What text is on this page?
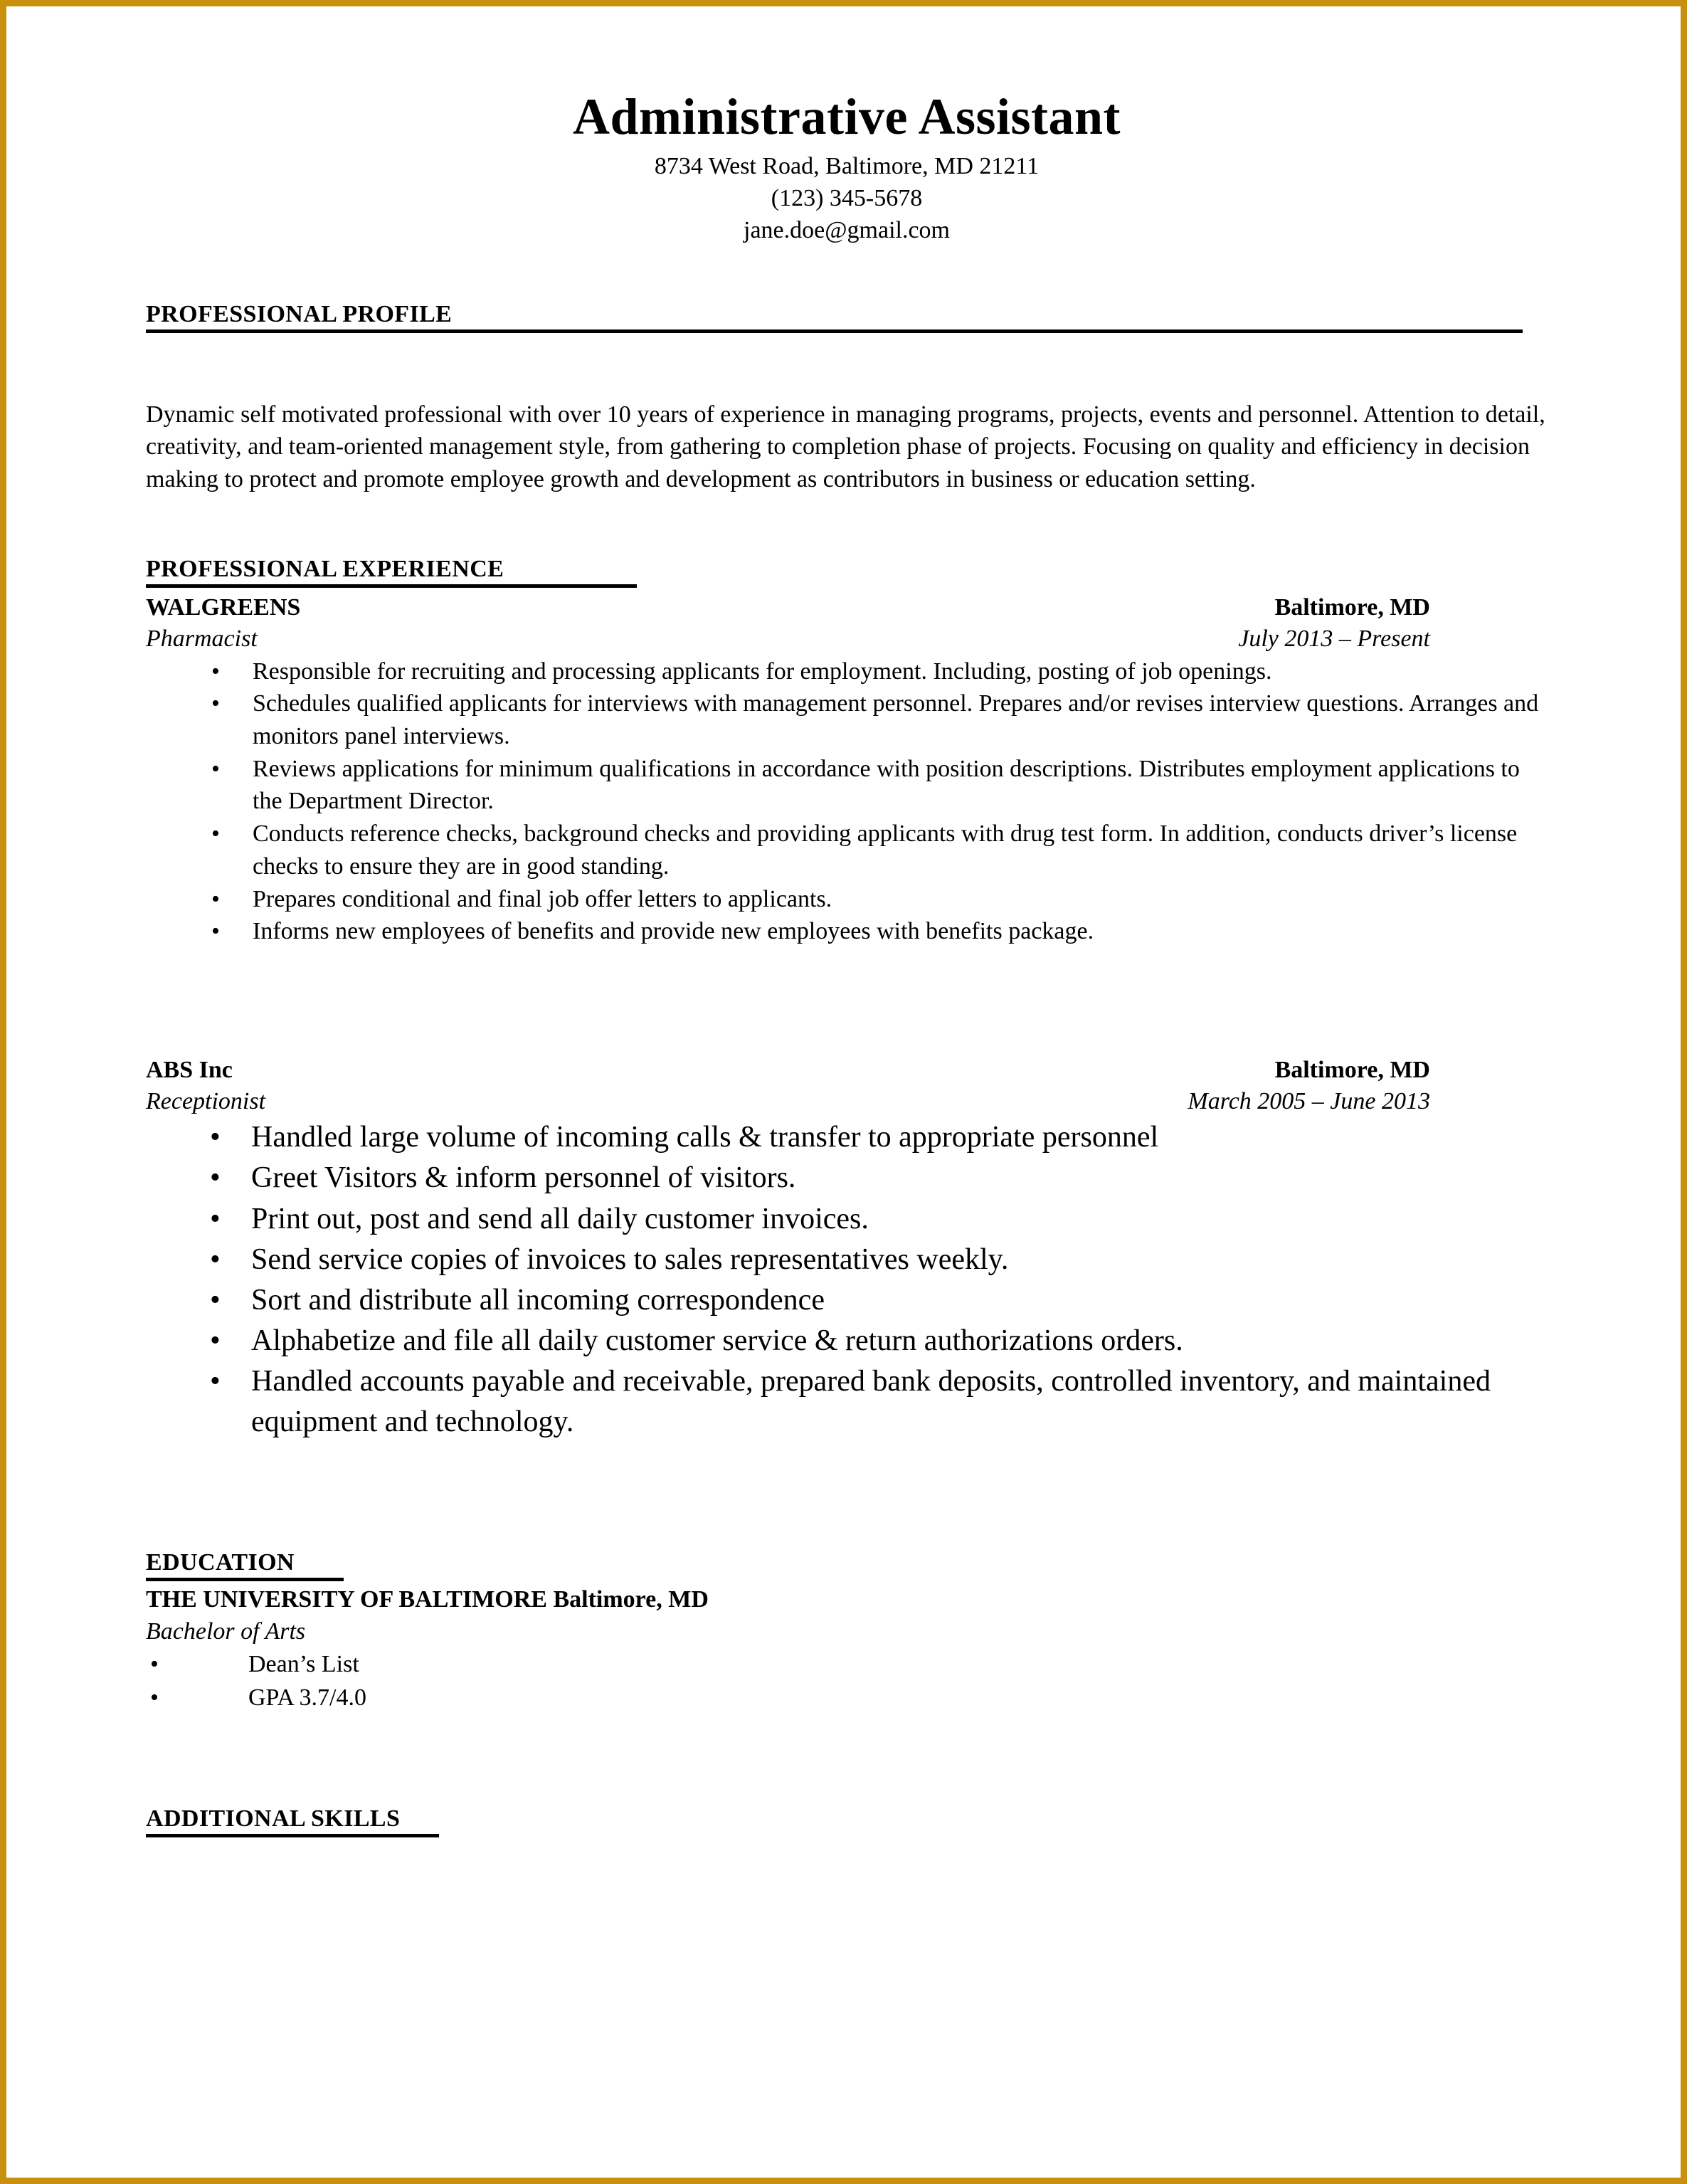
Administrative Assistant
8734 West Road, Baltimore, MD 21211
(123) 345-5678
jane.doe@gmail.com
PROFESSIONAL PROFILE

Dynamic self motivated professional with over 10 years of experience in managing programs, projects, events and personnel. Attention to detail, creativity, and team-oriented management style, from gathering to completion phase of projects. Focusing on quality and efficiency in decision making to protect and promote employee growth and development as contributors in business or education setting.

PROFESSIONAL EXPERIENCE
WALGREENS	Baltimore, MD
Pharmacist	July 2013 – Present
• Responsible for recruiting and processing applicants for employment. Including, posting of job openings.
• Schedules qualified applicants for interviews with management personnel. Prepares and/or revises interview questions. Arranges and monitors panel interviews.
• Reviews applications for minimum qualifications in accordance with position descriptions. Distributes employment applications to the Department Director.
• Conducts reference checks, background checks and providing applicants with drug test form. In addition, conducts driver’s license checks to ensure they are in good standing.
• Prepares conditional and final job offer letters to applicants.
• Informs new employees of benefits and provide new employees with benefits package.
ABS Inc	Baltimore, MD
Receptionist	March 2005 – June 2013
• Handled large volume of incoming calls & transfer to appropriate personnel
• Greet Visitors & inform personnel of visitors.
• Print out, post and send all daily customer invoices.
• Send service copies of invoices to sales representatives weekly.
• Sort and distribute all incoming correspondence
• Alphabetize and file all daily customer service & return authorizations orders.
• Handled accounts payable and receivable, prepared bank deposits, controlled inventory, and maintained equipment and technology.
EDUCATION

THE UNIVERSITY OF BALTIMORE Baltimore, MD

Bachelor of Arts

•	Dean’s List
•	GPA 3.7/4.0
ADDITIONAL SKILLS
